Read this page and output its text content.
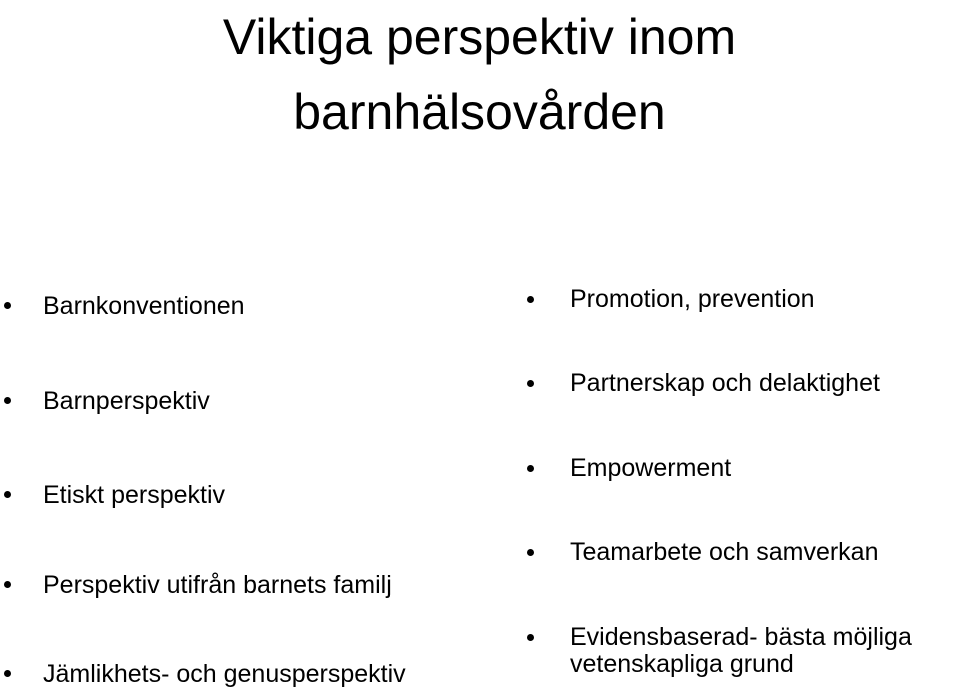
Viktiga perspektiv inom
barnhälsovården
Barnkonventionen
Barnperspektiv
Etiskt perspektiv
Perspektiv utifrån barnets familj
Jämlikhets- och genusperspektiv
Promotion, prevention
Partnerskap och delaktighet
Empowerment
Teamarbete och samverkan
Evidensbaserad- bästa möjliga
vetenskapliga grund
